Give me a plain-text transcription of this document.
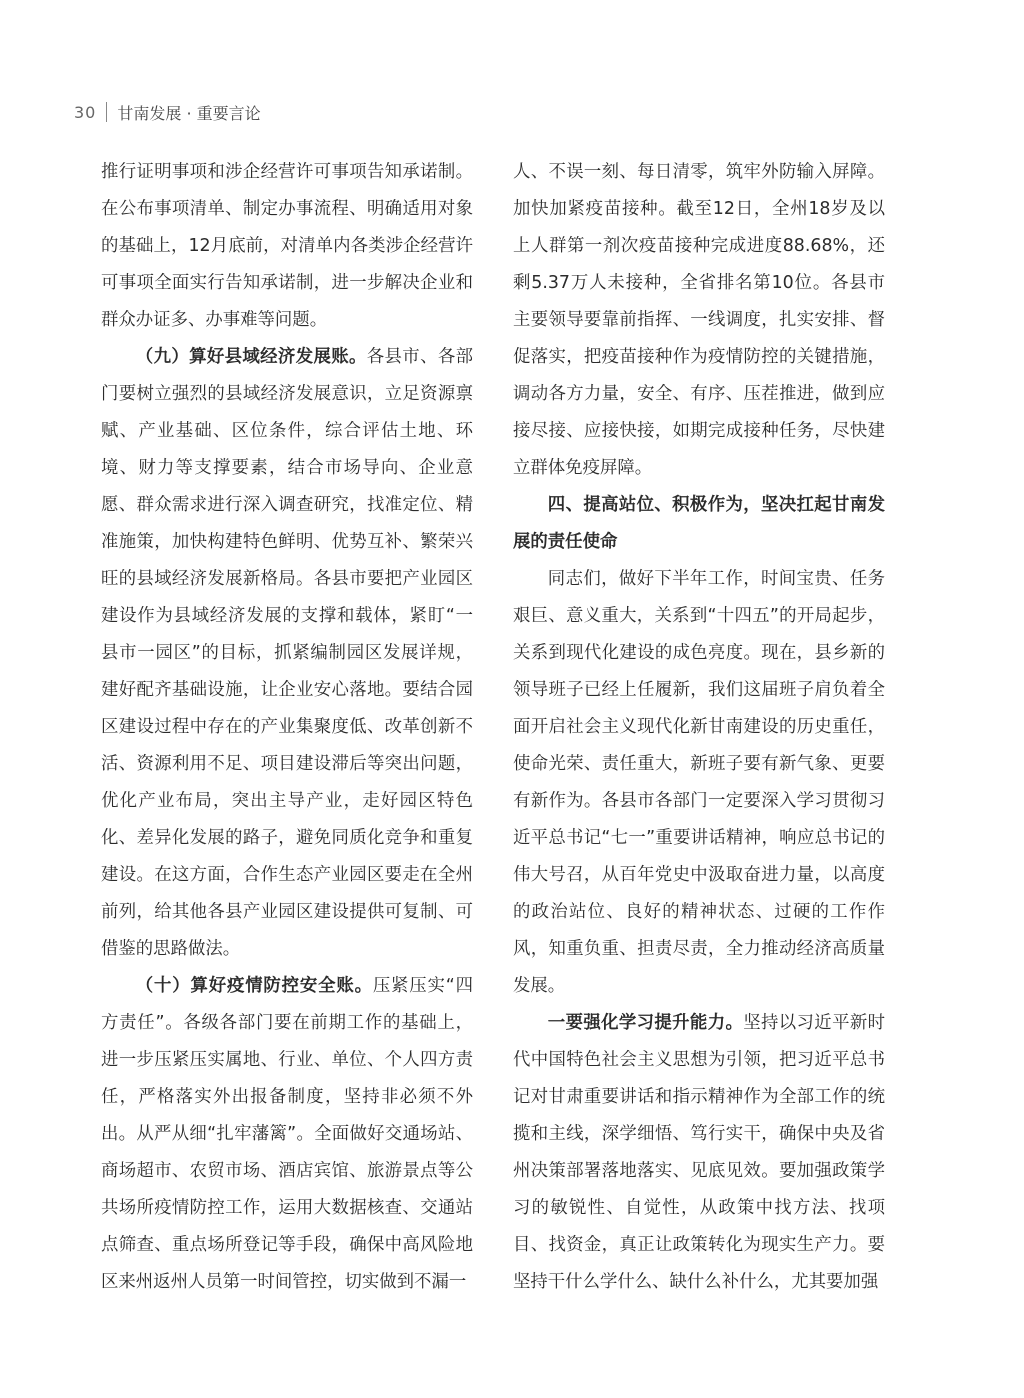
30 甘南发展 · 重要言论

推行证明事项和涉企经营许可事项告知承诺制。在公布事项清单、制定办事流程、明确适用对象的基础上，12月底前，对清单内各类涉企经营许可事项全面实行告知承诺制，进一步解决企业和群众办证多、办事难等问题。

（九）算好县域经济发展账。各县市、各部门要树立强烈的县域经济发展意识，立足资源禀赋、产业基础、区位条件，综合评估土地、环境、财力等支撑要素，结合市场导向、企业意愿、群众需求进行深入调查研究，找准定位、精准施策，加快构建特色鲜明、优势互补、繁荣兴旺的县域经济发展新格局。各县市要把产业园区建设作为县域经济发展的支撑和载体，紧盯“一县市一园区”的目标，抓紧编制园区发展详规，建好配齐基础设施，让企业安心落地。要结合园区建设过程中存在的产业集聚度低、改革创新不活、资源利用不足、项目建设滞后等突出问题，优化产业布局，突出主导产业，走好园区特色化、差异化发展的路子，避免同质化竞争和重复建设。在这方面，合作生态产业园区要走在全州前列，给其他各县产业园区建设提供可复制、可借鉴的思路做法。

（十）算好疫情防控安全账。压紧压实“四方责任”。各级各部门要在前期工作的基础上，进一步压紧压实属地、行业、单位、个人四方责任，严格落实外出报备制度，坚持非必须不外出。从严从细“扎牢藩篱”。全面做好交通场站、商场超市、农贸市场、酒店宾馆、旅游景点等公共场所疫情防控工作，运用大数据核查、交通站点筛查、重点场所登记等手段，确保中高风险地区来州返州人员第一时间管控，切实做到不漏一

人、不误一刻、每日清零，筑牢外防输入屏障。加快加紧疫苗接种。截至12日，全州18岁及以上人群第一剂次疫苗接种完成进度88.68%，还剩5.37万人未接种，全省排名第10位。各县市主要领导要靠前指挥、一线调度，扎实安排、督促落实，把疫苗接种作为疫情防控的关键措施，调动各方力量，安全、有序、压茬推进，做到应接尽接、应接快接，如期完成接种任务，尽快建立群体免疫屏障。

四、提高站位、积极作为，坚决扛起甘南发展的责任使命

同志们，做好下半年工作，时间宝贵、任务艰巨、意义重大，关系到“十四五”的开局起步，关系到现代化建设的成色亮度。现在，县乡新的领导班子已经上任履新，我们这届班子肩负着全面开启社会主义现代化新甘南建设的历史重任，使命光荣、责任重大，新班子要有新气象、更要有新作为。各县市各部门一定要深入学习贯彻习近平总书记“七一”重要讲话精神，响应总书记的伟大号召，从百年党史中汲取奋进力量，以高度的政治站位、良好的精神状态、过硬的工作作风，知重负重、担责尽责，全力推动经济高质量发展。

一要强化学习提升能力。坚持以习近平新时代中国特色社会主义思想为引领，把习近平总书记对甘肃重要讲话和指示精神作为全部工作的统揽和主线，深学细悟、笃行实干，确保中央及省州决策部署落地落实、见底见效。要加强政策学习的敏锐性、自觉性，从政策中找方法、找项目、找资金，真正让政策转化为现实生产力。要坚持干什么学什么、缺什么补什么，尤其要加强
